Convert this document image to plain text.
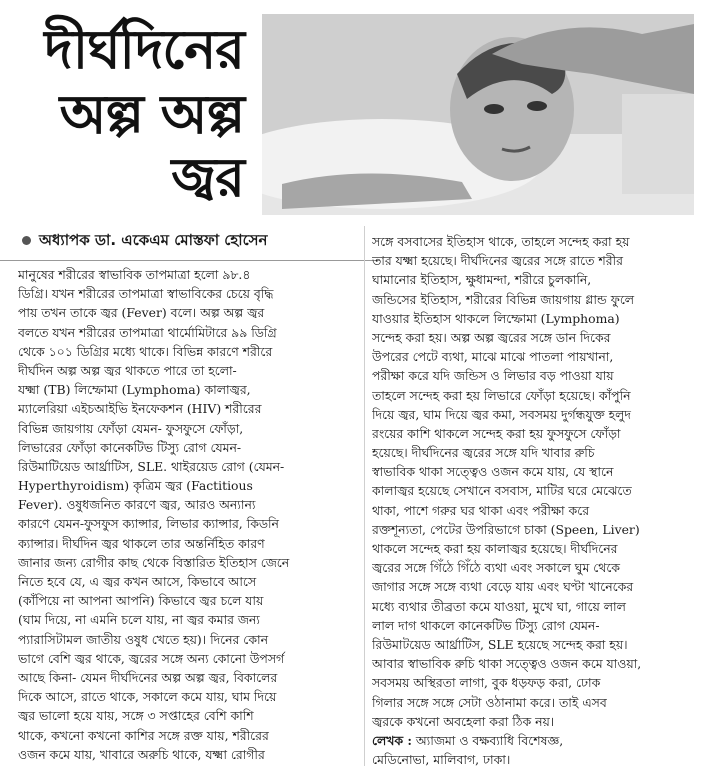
দীর্ঘদিনের
অল্প অল্প
জ্বর
অধ্যাপক ডা. একেএম মোস্তফা হোসেন
মানুষের শরীরের স্বাভাবিক তাপমাত্রা হলো ৯৮.৪
ডিগ্রি। যখন শরীরের তাপমাত্রা স্বাভাবিকের চেয়ে বৃদ্ধি
পায় তখন তাকে জ্বর (Fever) বলে। অল্প অল্প জ্বর
বলতে যখন শরীরের তাপমাত্রা থার্মোমিটারে ৯৯ ডিগ্রি
থেকে ১০১ ডিগ্রির মধ্যে থাকে। বিভিন্ন কারণে শরীরে
দীর্ঘদিন অল্প অল্প জ্বর থাকতে পারে তা হলো-
যক্ষ্মা (TB) লিম্ফোমা (Lymphoma) কালাজ্বর,
ম্যালেরিয়া এইচআইভি ইনফেকশন (HIV) শরীরের
বিভিন্ন জায়গায় ফোঁড়া যেমন- ফুসফুসে ফোঁড়া,
লিভারের ফোঁড়া কানেকটিভ টিস্যু রোগ যেমন-
রিউমাটিয়েড আর্থ্রাটিস, SLE. থাইরয়েড রোগ (যেমন-
Hyperthyroidism) কৃত্রিম জ্বর (Factitious
Fever). ওষুধজনিত কারণে জ্বর, আরও অন্যান্য
কারণে যেমন-ফুসফুস ক্যান্সার, লিভার ক্যান্সার, কিডনি
ক্যান্সার। দীর্ঘদিন জ্বর থাকলে তার অন্তর্নিহিত কারণ
জানার জন্য রোগীর কাছ থেকে বিস্তারিত ইতিহাস জেনে
নিতে হবে যে, এ জ্বর কখন আসে, কিভাবে আসে
(কাঁপিয়ে না আপনা আপনি) কিভাবে জ্বর চলে যায়
(ঘাম দিয়ে, না এমনি চলে যায়, না জ্বর কমার জন্য
প্যারাসিটামল জাতীয় ওষুধ খেতে হয়)। দিনের কোন
ভাগে বেশি জ্বর থাকে, জ্বরের সঙ্গে অন্য কোনো উপসর্গ
আছে কিনা- যেমন দীর্ঘদিনের অল্প অল্প জ্বর, বিকালের
দিকে আসে, রাতে থাকে, সকালে কমে যায়, ঘাম দিয়ে
জ্বর ভালো হয়ে যায়, সঙ্গে ৩ সপ্তাহের বেশি কাশি
থাকে, কখনো কখনো কাশির সঙ্গে রক্ত যায়, শরীরের
ওজন কমে যায়, খাবারে অরুচি থাকে, যক্ষ্মা রোগীর
সঙ্গে বসবাসের ইতিহাস থাকে, তাহলে সন্দেহ করা হয়
তার যক্ষ্মা হয়েছে। দীর্ঘদিনের জ্বরের সঙ্গে রাতে শরীর
ঘামানোর ইতিহাস, ক্ষুধামন্দা, শরীরে চুলকানি,
জন্ডিসের ইতিহাস, শরীরের বিভিন্ন জায়গায় গ্লান্ড ফুলে
যাওয়ার ইতিহাস থাকলে লিম্ফোমা (Lymphoma)
সন্দেহ করা হয়। অল্প অল্প জ্বরের সঙ্গে ডান দিকের
উপরের পেটে ব্যথা, মাঝে মাঝে পাতলা পায়খানা,
পরীক্ষা করে যদি জন্ডিস ও লিভার বড় পাওয়া যায়
তাহলে সন্দেহ করা হয় লিভারে ফোঁড়া হয়েছে। কাঁপুনি
দিয়ে জ্বর, ঘাম দিয়ে জ্বর কমা, সবসময় দুর্গন্ধযুক্ত হলুদ
রংয়ের কাশি থাকলে সন্দেহ করা হয় ফুসফুসে ফোঁড়া
হয়েছে। দীর্ঘদিনের জ্বরের সঙ্গে যদি খাবার রুচি
স্বাভাবিক থাকা সত্ত্বেও ওজন কমে যায়, যে স্থানে
কালাজ্বর হয়েছে সেখানে বসবাস, মাটির ঘরে মেঝেতে
থাকা, পাশে গরুর ঘর থাকা এবং পরীক্ষা করে
রক্তশূন্যতা, পেটের উপরিভাগে চাকা (Speen, Liver)
থাকলে সন্দেহ করা হয় কালাজ্বর হয়েছে। দীর্ঘদিনের
জ্বরের সঙ্গে গিঁঠে গিঁঠে ব্যথা এবং সকালে ঘুম থেকে
জাগার সঙ্গে সঙ্গে ব্যথা বেড়ে যায় এবং ঘণ্টা খানেকের
মধ্যে ব্যথার তীব্রতা কমে যাওয়া, মুখে ঘা, গায়ে লাল
লাল দাগ থাকলে কানেকটিভ টিস্যু রোগ যেমন-
রিউমাটয়েড আর্থ্রাটিস, SLE হয়েছে সন্দেহ করা হয়।
আবার স্বাভাবিক রুচি থাকা সত্ত্বেও ওজন কমে যাওয়া,
সবসময় অস্থিরতা লাগা, বুক ধড়ফড় করা, ঢোক
গিলার সঙ্গে সঙ্গে সেটা ওঠানামা করে। তাই এসব
জ্বরকে কখনো অবহেলা করা ঠিক নয়।
লেখক : অ্যাজমা ও বক্ষব্যাধি বিশেষজ্ঞ,
মেডিনোভা, মালিবাগ, ঢাকা।
